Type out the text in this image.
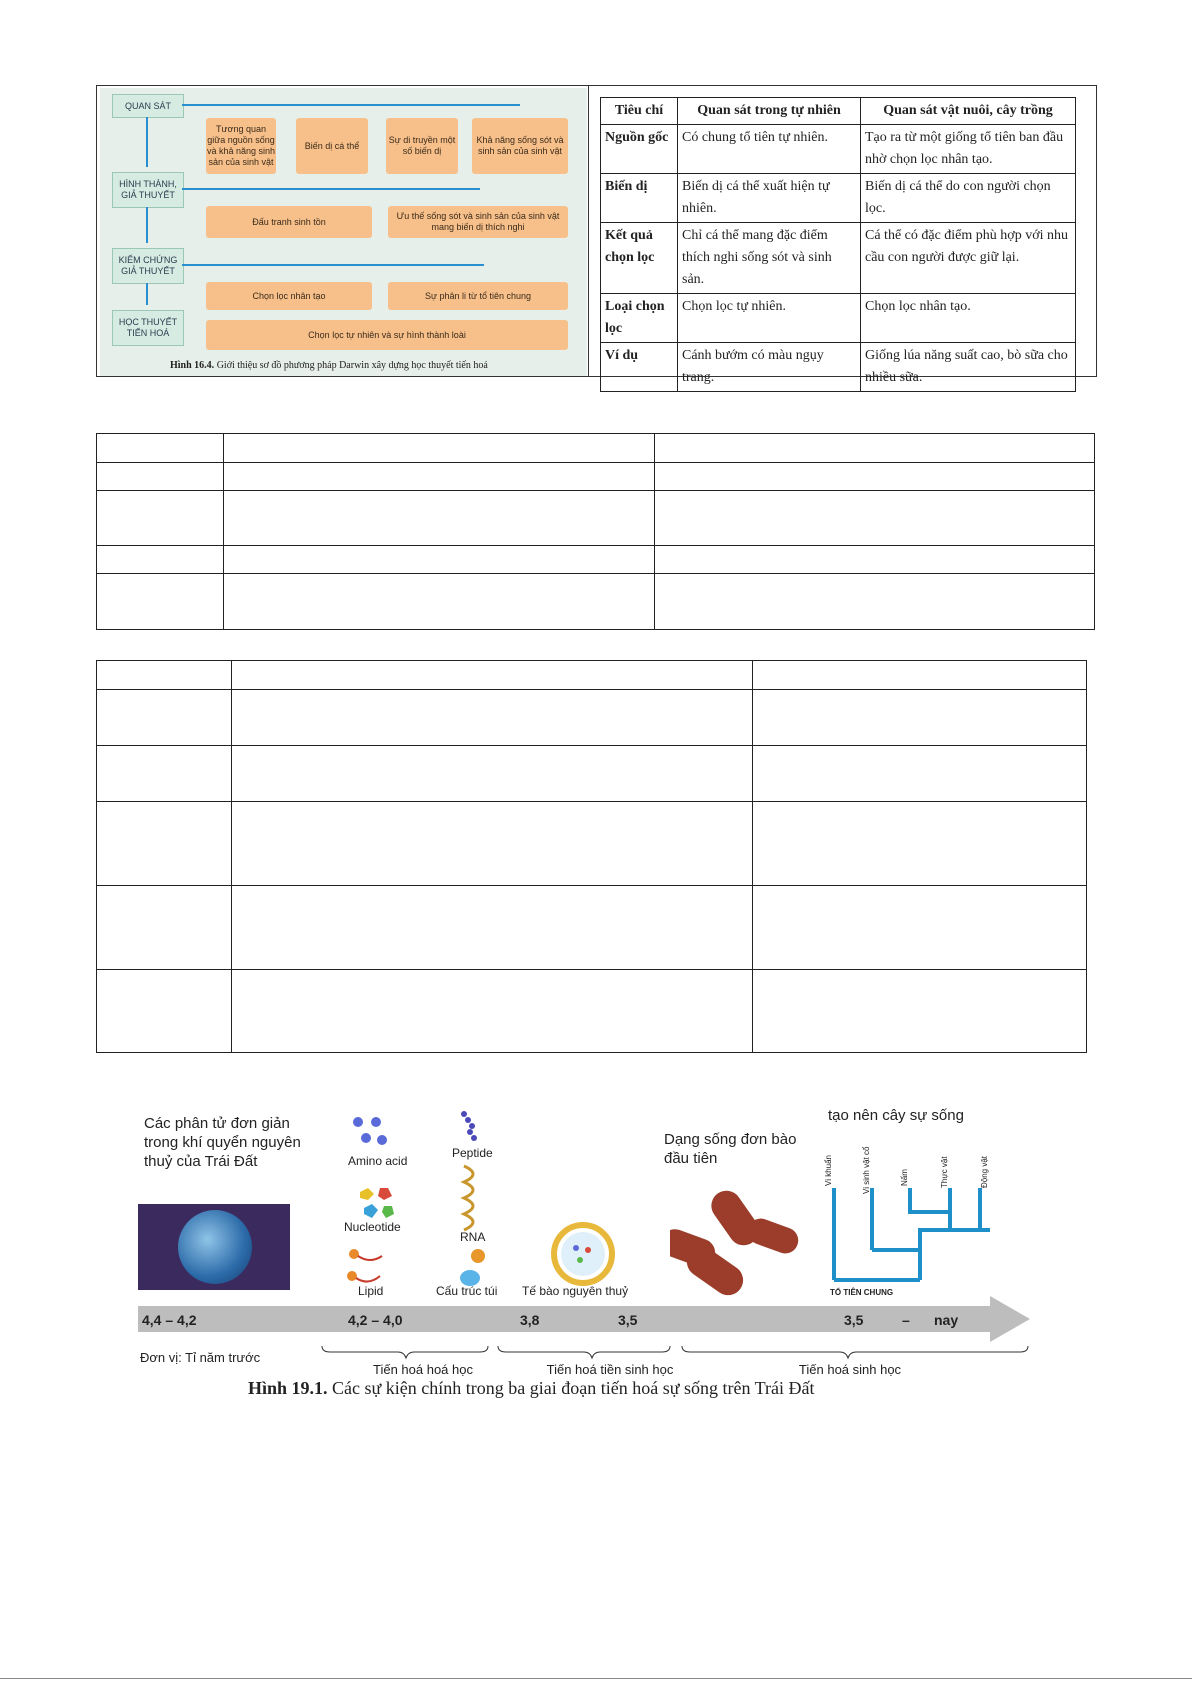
QUAN SÁT
HÌNH THÀNH,
GIẢ THUYẾT
KIỂM CHỨNG
GIẢ THUYẾT
HỌC THUYẾT
TIẾN HOÁ
Tương quan giữa nguồn sống và khả năng sinh sản của sinh vật
Biến dị cá thể
Sự di truyền một số biến dị
Khả năng sống sót và sinh sản của sinh vật
Đấu tranh sinh tồn
Ưu thế sống sót và sinh sản của sinh vật mang biến dị thích nghi
Chọn lọc nhân tạo	Sự phân li từ tổ tiên chung
Chọn lọc tự nhiên và sự hình thành loài
Hình 16.4. Giới thiệu sơ đồ phương pháp Darwin xây dựng học thuyết tiến hoá
Tiêu chí	Quan sát trong tự nhiên	Quan sát vật nuôi, cây trồng
Nguồn gốc	Có chung tổ tiên tự nhiên.	Tạo ra từ một giống tổ tiên ban đầu nhờ chọn lọc nhân tạo.
Biến dị	Biến dị cá thể xuất hiện tự nhiên.	Biến dị cá thể do con người chọn lọc.
Kết quả chọn lọc	Chỉ cá thể mang đặc điểm thích nghi sống sót và sinh sản.	Cá thể có đặc điểm phù hợp với nhu cầu con người được giữ lại.
Loại chọn lọc	Chọn lọc tự nhiên.	Chọn lọc nhân tạo.
Ví dụ	Cánh bướm có màu ngụy trang.	Giống lúa năng suất cao, bò sữa cho nhiều sữa.

Các phân tử đơn giản trong khí quyển nguyên thuỷ của Trái Đất	Amino acid
Nucleotide
Lipid
Peptide
RNA
Cấu trúc túi Tế bào nguyên thuỷ
Dạng sống đơn bào đầu tiên
tạo nên cây sự sống
Vi khuẩn	Vi sinh vật cổ	Nấm	Thực vật	Động vật
TỔ TIÊN CHUNG
4,4 – 4,2	4,2 – 4,0	3,8	3,5	3,5	– nay
Đơn vị: Tỉ năm trước
Tiến hoá hoá học	Tiến hoá tiền sinh học	Tiến hoá sinh học
Hình 19.1. Các sự kiện chính trong ba giai đoạn tiến hoá sự sống trên Trái Đất
